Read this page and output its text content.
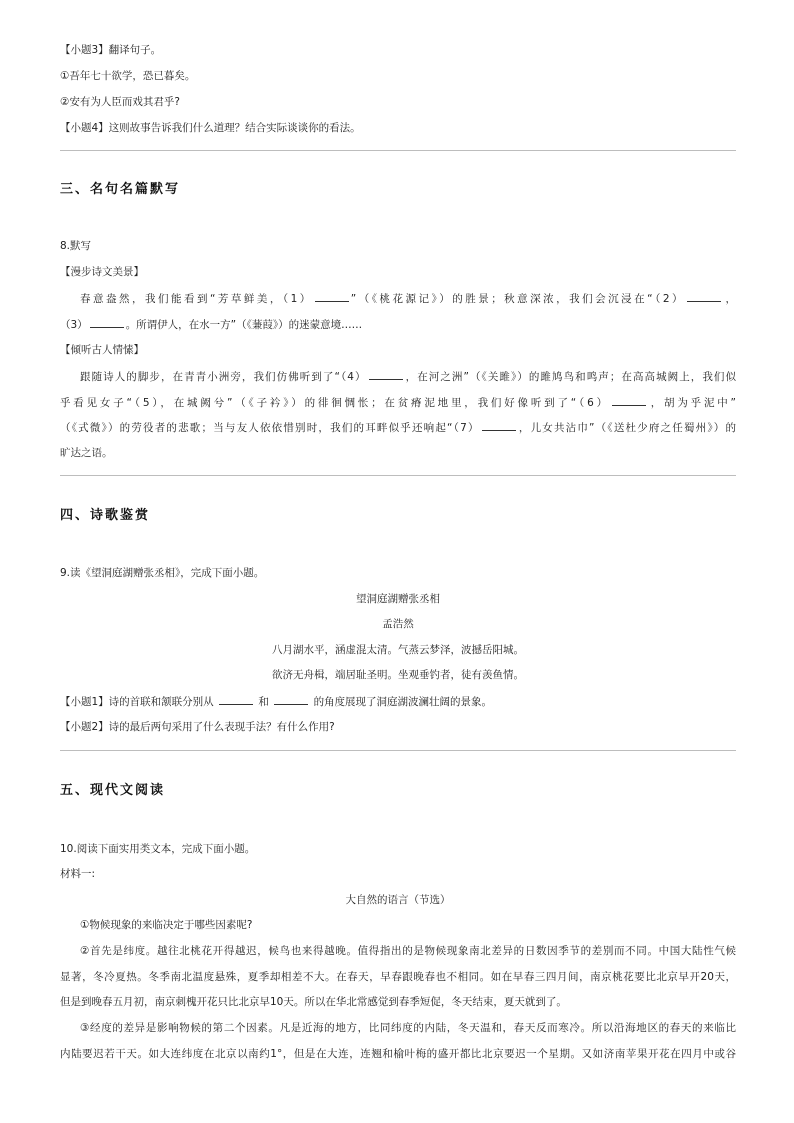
【小题3】翻译句子。
①吾年七十欲学，恐已暮矣。
②安有为人臣而戏其君乎?
【小题4】这则故事告诉我们什么道理？结合实际谈谈你的看法。
三、名句名篇默写
8.默写
【漫步诗文美景】
春意盎然，我们能看到“芳草鲜美，（1）	”（《桃花源记》）的胜景；秋意深浓，我们会沉浸在“（2）	，
（3）	。所谓伊人，在水一方”（《蒹葭》）的迷蒙意境……
【倾听古人情愫】
跟随诗人的脚步，在青青小洲旁，我们仿佛听到了“（4）	，在河之洲”（《关雎》）的雎鸠鸟和鸣声；在高高城阙上，我们似
乎看见女子“（5），在城阙兮”（《子衿》）的徘徊惆怅；在贫瘠泥地里，我们好像听到了“（6）	，胡为乎泥中”
（《式微》）的劳役者的悲歌；当与友人依依惜别时，我们的耳畔似乎还响起“（7）	，儿女共沾巾”（《送杜少府之任蜀州》）的
旷达之语。
四、诗歌鉴赏
9.读《望洞庭湖赠张丞相》，完成下面小题。
望洞庭湖赠张丞相
孟浩然
八月湖水平，涵虚混太清。气蒸云梦泽，波撼岳阳城。
欲济无舟楫，端居耻圣明。坐观垂钓者，徒有羡鱼情。
【小题1】诗的首联和颔联分别从	和	的角度展现了洞庭湖波澜壮阔的景象。
【小题2】诗的最后两句采用了什么表现手法？有什么作用?
五、现代文阅读
10.阅读下面实用类文本，完成下面小题。
材料一:
大自然的语言（节选）
①物候现象的来临决定于哪些因素呢?
②首先是纬度。越往北桃花开得越迟，候鸟也来得越晚。值得指出的是物候现象南北差异的日数因季节的差别而不同。中国大陆性气候
显著，冬冷夏热。冬季南北温度悬殊，夏季却相差不大。在春天，早春跟晚春也不相同。如在早春三四月间，南京桃花要比北京早开20天，
但是到晚春五月初，南京刺槐开花只比北京早10天。所以在华北常感觉到春季短促，冬天结束，夏天就到了。
③经度的差异是影响物候的第二个因素。凡是近海的地方，比同纬度的内陆，冬天温和，春天反而寒冷。所以沿海地区的春天的来临比
内陆要迟若干天。如大连纬度在北京以南约1°，但是在大连，连翘和榆叶梅的盛开都比北京要迟一个星期。又如济南苹果开花在四月中或谷
